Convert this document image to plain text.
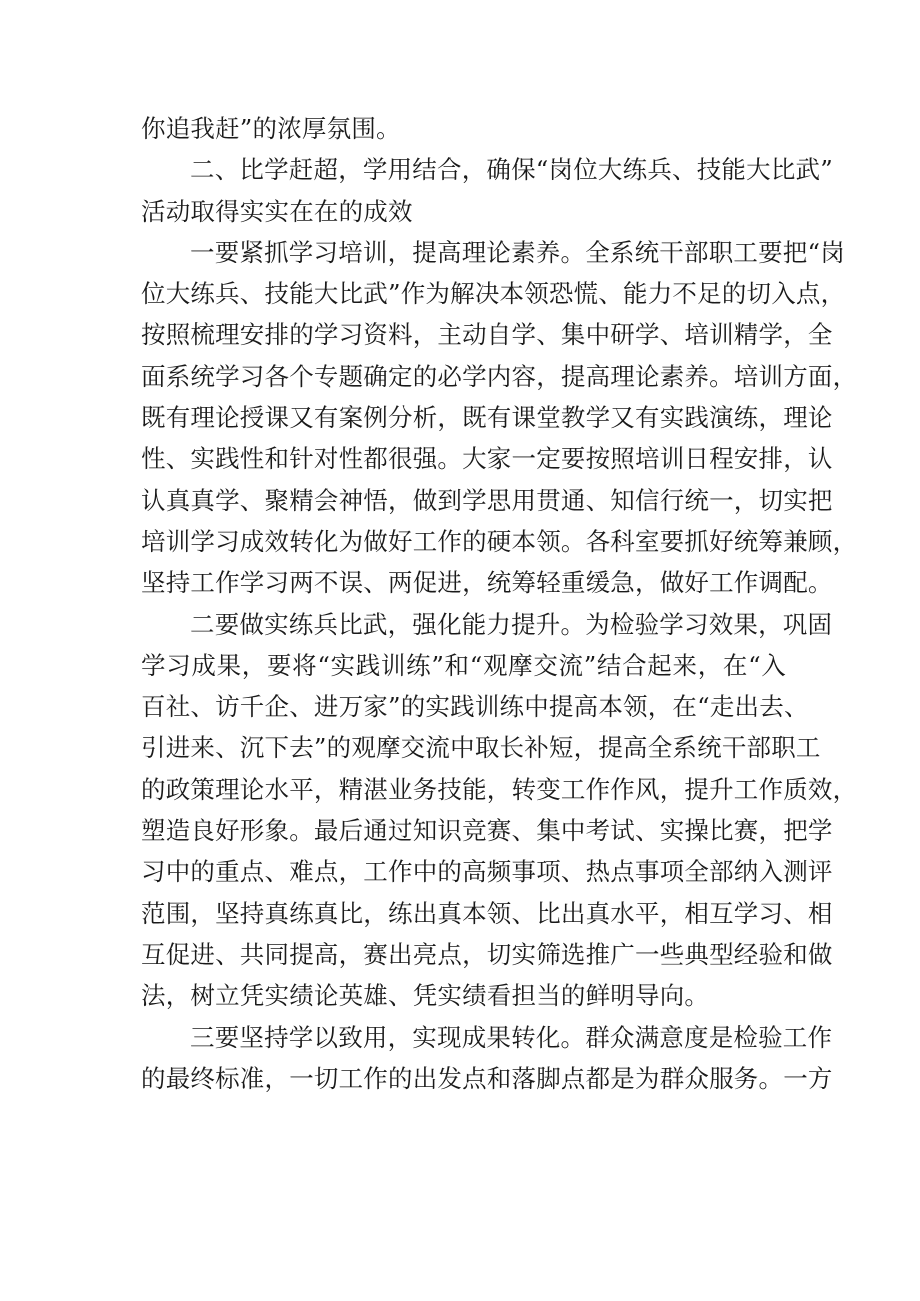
你追我赶”的浓厚氛围。

二、比学赶超，学用结合，确保“岗位大练兵、技能大比武”
活动取得实实在在的成效

一要紧抓学习培训，提高理论素养。全系统干部职工要把“岗
位大练兵、技能大比武”作为解决本领恐慌、能力不足的切入点，
按照梳理安排的学习资料，主动自学、集中研学、培训精学，全
面系统学习各个专题确定的必学内容，提高理论素养。培训方面，
既有理论授课又有案例分析，既有课堂教学又有实践演练，理论
性、实践性和针对性都很强。大家一定要按照培训日程安排，认
认真真学、聚精会神悟，做到学思用贯通、知信行统一，切实把
培训学习成效转化为做好工作的硬本领。各科室要抓好统筹兼顾，
坚持工作学习两不误、两促进，统筹轻重缓急，做好工作调配。

二要做实练兵比武，强化能力提升。为检验学习效果，巩固
学习成果，要将“实践训练”和“观摩交流”结合起来，在“入
百社、访千企、进万家”的实践训练中提高本领，在“走出去、
引进来、沉下去”的观摩交流中取长补短，提高全系统干部职工
的政策理论水平，精湛业务技能，转变工作作风，提升工作质效，
塑造良好形象。最后通过知识竞赛、集中考试、实操比赛，把学
习中的重点、难点，工作中的高频事项、热点事项全部纳入测评
范围，坚持真练真比，练出真本领、比出真水平，相互学习、相
互促进、共同提高，赛出亮点，切实筛选推广一些典型经验和做
法，树立凭实绩论英雄、凭实绩看担当的鲜明导向。

三要坚持学以致用，实现成果转化。群众满意度是检验工作
的最终标准，一切工作的出发点和落脚点都是为群众服务。一方
